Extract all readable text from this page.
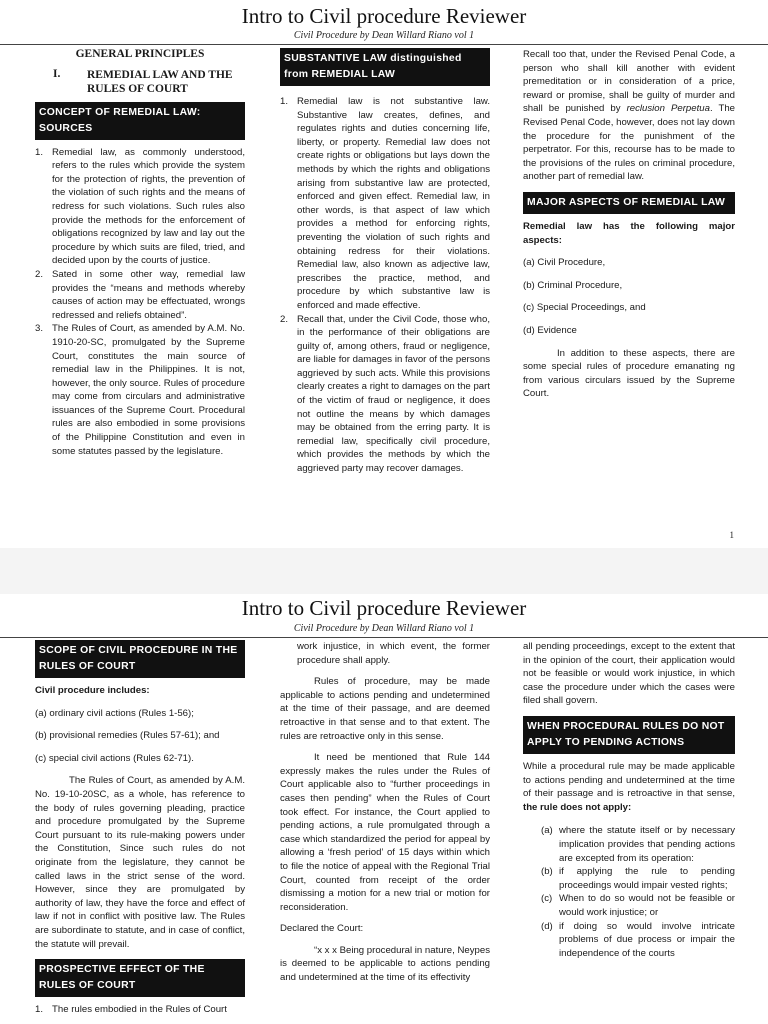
Intro to Civil procedure Reviewer
Civil Procedure by Dean Willard Riano vol 1
GENERAL PRINCIPLES
I.	REMEDIAL LAW AND THE RULES OF COURT
CONCEPT OF REMEDIAL LAW: SOURCES
1. Remedial law, as commonly understood, refers to the rules which provide the system for the protection of rights, the prevention of the violation of such rights and the means of redress for such violations. Such rules also provide the methods for the enforcement of obligations recognized by law and lay out the procedure by which suits are filed, tried, and decided upon by the courts of justice.
2. Sated in some other way, remedial law provides the “means and methods whereby causes of action may be effectuated, wrongs redressed and reliefs obtained”.
3. The Rules of Court, as amended by A.M. No. 1910-20-SC, promulgated by the Supreme Court, constitutes the main source of remedial law in the Philippines. It is not, however, the only source. Rules of procedure may come from circulars and administrative issuances of the Supreme Court. Procedural rules are also embodied in some provisions of the Philippine Constitution and even in some statutes passed by the legislature.
SUBSTANTIVE LAW distinguished from REMEDIAL LAW
1. Remedial law is not substantive law. Substantive law creates, defines, and regulates rights and duties concerning life, liberty, or property. Remedial law does not create rights or obligations but lays down the methods by which the rights and obligations arising from substantive law are protected, enforced and given effect. Remedial law, in other words, is that aspect of law which provides a method for enforcing rights, preventing the violation of such rights and obtaining redress for their violations. Remedial law, also known as adjective law, prescribes the practice, method, and procedure by which substantive law is enforced and made effective.
2. Recall that, under the Civil Code, those who, in the performance of their obligations are guilty of, among others, fraud or negligence, are liable for damages in favor of the persons aggrieved by such acts. While this provisions clearly creates a right to damages on the part of the victim of fraud or negligence, it does not outline the means by which damages may be obtained from the erring party. It is remedial law, specifically civil procedure, which provides the methods by which the aggrieved party may recover damages.

Recall too that, under the Revised Penal Code, a person who shall kill another with evident premeditation or in consideration of a price, reward or promise, shall be guilty of murder and shall be punished by reclusion Perpetua. The Revised Penal Code, however, does not lay down the procedure for the punishment of the perpetrator. For this, recourse has to be made to the provisions of the rules on criminal procedure, another part of remedial law.

MAJOR ASPECTS OF REMEDIAL LAW

Remedial law has the following major aspects:

(a) Civil Procedure,
(b) Criminal Procedure,
(c) Special Proceedings, and
(d) Evidence

In addition to these aspects, there are some special rules of procedure emanating ng from various circulars issued by the Supreme Court.

1
Intro to Civil procedure Reviewer
Civil Procedure by Dean Willard Riano vol 1
SCOPE OF CIVIL PROCEDURE IN THE RULES OF COURT

Civil procedure includes:

(a) ordinary civil actions (Rules 1-56);
(b) provisional remedies (Rules 57-61); and
(c) special civil actions (Rules 62-71).

The Rules of Court, as amended by A.M. No. 19-10-20SC, as a whole, has reference to the body of rules governing pleading, practice and procedure promulgated by the Supreme Court pursuant to its rule-making powers under the Constitution, Since such rules do not originate from the legislature, they cannot be called laws in the strict sense of the word. However, since they are promulgated by authority of law, they have the force and effect of law if not in conflict with positive law. The Rules are subordinate to statute, and in case of conflict, the statute will prevail.

PROSPECTIVE EFFECT OF THE RULES OF COURT
1. The rules embodied in the Rules of Court

work injustice, in which event, the former procedure shall apply.

Rules of procedure, may be made applicable to actions pending and undetermined at the time of their passage, and are deemed retroactive in that sense and to that extent. The rules are retroactive only in this sense.

It need be mentioned that Rule 144 expressly makes the rules under the Rules of Court applicable also to “further proceedings in cases then pending” when the Rules of Court took effect. For instance, the Court applied to pending actions, a rule promulgated through a case which standardized the period for appeal by allowing a ‘fresh period’ of 15 days within which to file the notice of appeal with the Regional Trial Court, counted from receipt of the order dismissing a motion for a new trial or motion for reconsideration.

Declared the Court:

“x x x Being procedural in nature, Neypes is deemed to be applicable to actions pending and undetermined at the time of its effectivity

all pending proceedings, except to the extent that in the opinion of the court, their application would not be feasible or would work injustice, in which case the procedure under which the cases were filed shall govern.

WHEN PROCEDURAL RULES DO NOT APPLY TO PENDING ACTIONS

While a procedural rule may be made applicable to actions pending and undetermined at the time of their passage and is retroactive in that sense, the rule does not apply:

(a) where the statute itself or by necessary implication provides that pending actions are excepted from its operation:
(b) if applying the rule to pending proceedings would impair vested rights;
(c) When to do so would not be feasible or would work injustice; or
(d) if doing so would involve intricate problems of due process or impair the independence of the courts
